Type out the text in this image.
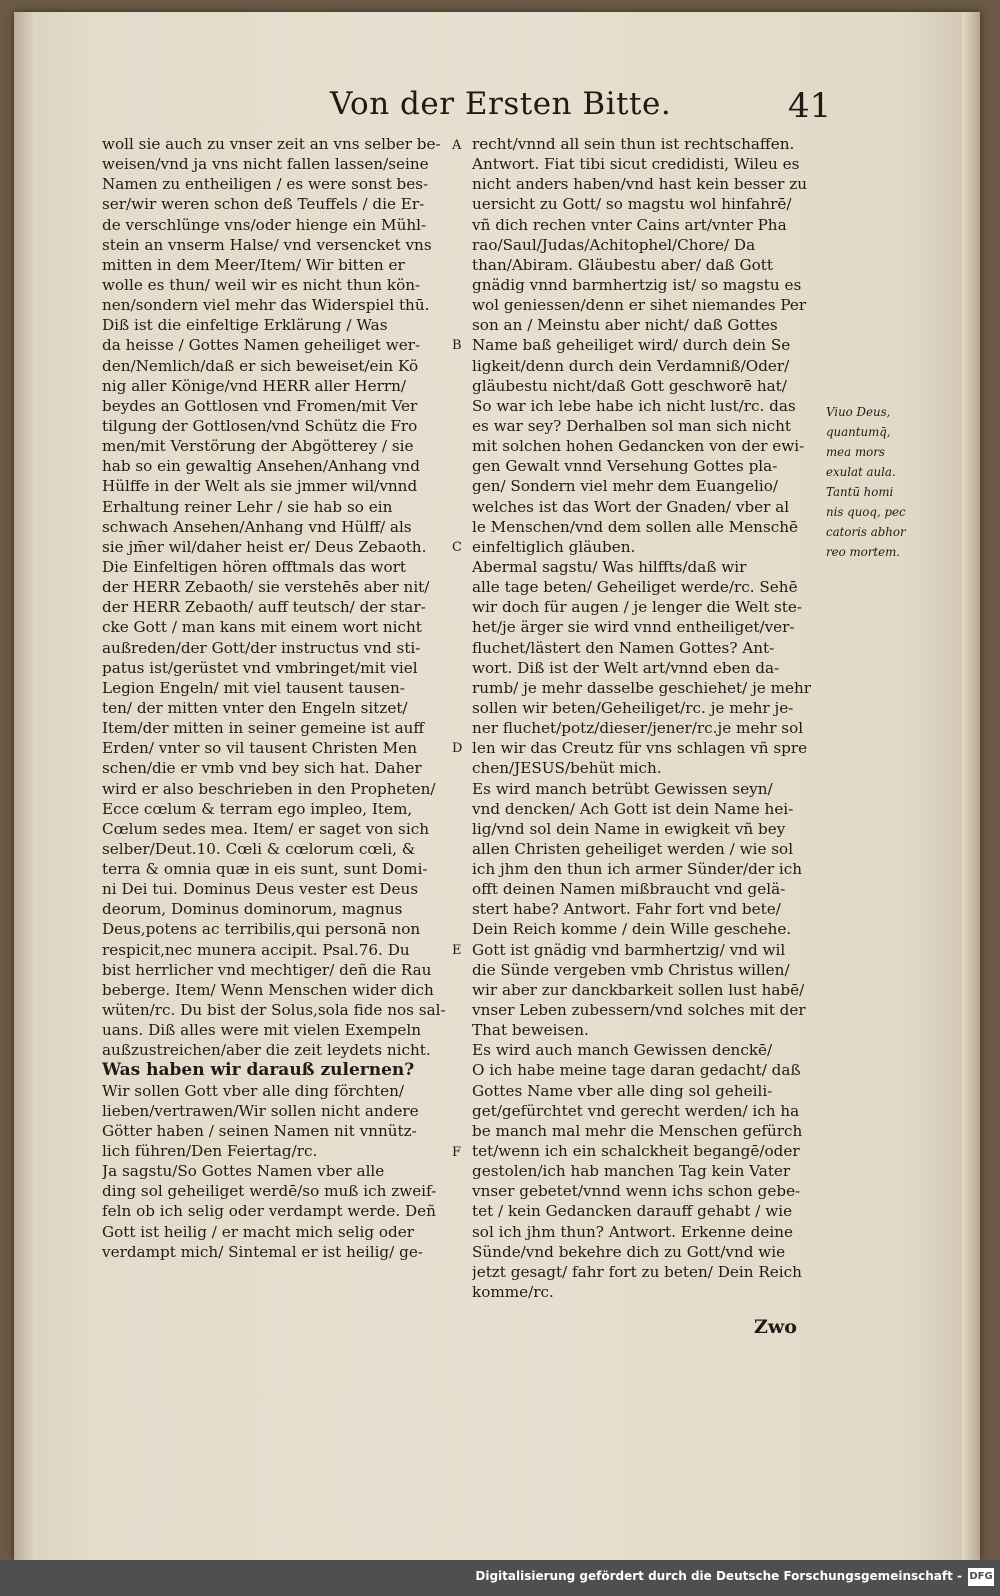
Von der Ersten Bitte.	41
woll sie auch zu vnser zeit an vns selber be-
weisen/vnd ja vns nicht fallen lassen/seine
Namen zu entheiligen / es were sonst bes-
ser/wir weren schon deß Teuffels / die Er-
de verschlünge vns/oder hienge ein Mühl-
stein an vnserm Halse/ vnd versencket vns
mitten in dem Meer/Item/ Wir bitten er
wolle es thun/ weil wir es nicht thun kön-
nen/sondern viel mehr das Widerspiel thū.
Diß ist die einfeltige Erklärung / Was
da heisse / Gottes Namen geheiliget wer-
den/Nemlich/daß er sich beweiset/ein Kö
nig aller Könige/vnd HERR aller Herrn/
beydes an Gottlosen vnd Fromen/mit Ver
tilgung der Gottlosen/vnd Schütz die Fro
men/mit Verstörung der Abgötterey / sie
hab so ein gewaltig Ansehen/Anhang vnd
Hülffe in der Welt als sie jmmer wil/vnnd
Erhaltung reiner Lehr / sie hab so ein
schwach Ansehen/Anhang vnd Hülff/ als
sie jm̄er wil/daher heist er/ Deus Zebaoth.
Die Einfeltigen hören offtmals das wort
der HERR Zebaoth/ sie verstehēs aber nit/
der HERR Zebaoth/ auff teutsch/ der star-
cke Gott / man kans mit einem wort nicht
außreden/der Gott/der instructus vnd sti-
patus ist/gerüstet vnd vmbringet/mit viel
Legion Engeln/ mit viel tausent tausen-
ten/ der mitten vnter den Engeln sitzet/
Item/der mitten in seiner gemeine ist auff
Erden/ vnter so vil tausent Christen Men
schen/die er vmb vnd bey sich hat. Daher
wird er also beschrieben in den Propheten/
Ecce cœlum & terram ego impleo, Item,
Cœlum sedes mea. Item/ er saget von sich
selber/Deut.10. Cœli & cœlorum cœli, &
terra & omnia quæ in eis sunt, sunt Domi-
ni Dei tui. Dominus Deus vester est Deus
deorum, Dominus dominorum, magnus
Deus,potens ac terribilis,qui personā non
respicit,nec munera accipit. Psal.76. Du
bist herrlicher vnd mechtiger/ deñ die Rau
beberge. Item/ Wenn Menschen wider dich
wüten/rc. Du bist der Solus,sola fide nos sal-
uans. Diß alles were mit vielen Exempeln
außzustreichen/aber die zeit leydets nicht.
Was haben wir darauß zulernen?
Wir sollen Gott vber alle ding förchten/
lieben/vertrawen/Wir sollen nicht andere
Götter haben / seinen Namen nit vnnütz-
lich führen/Den Feiertag/rc.
Ja sagstu/So Gottes Namen vber alle
ding sol geheiliget werdē/so muß ich zweif-
feln ob ich selig oder verdampt werde. Deñ
Gott ist heilig / er macht mich selig oder
verdampt mich/ Sintemal er ist heilig/ ge-
recht/vnnd all sein thun ist rechtschaffen.
Antwort. Fiat tibi sicut credidisti, Wileu es
nicht anders haben/vnd hast kein besser zu
uersicht zu Gott/ so magstu wol hinfahrē/
vñ dich rechen vnter Cains art/vnter Pha
rao/Saul/Judas/Achitophel/Chore/ Da
than/Abiram. Gläubestu aber/ daß Gott
gnädig vnnd barmhertzig ist/ so magstu es
wol geniessen/denn er sihet niemandes Per
son an / Meinstu aber nicht/ daß Gottes
Name baß geheiliget wird/ durch dein Se
ligkeit/denn durch dein Verdamniß/Oder/
gläubestu nicht/daß Gott geschworē hat/
So war ich lebe habe ich nicht lust/rc. das
es war sey? Derhalben sol man sich nicht
mit solchen hohen Gedancken von der ewi-
gen Gewalt vnnd Versehung Gottes pla-
gen/ Sondern viel mehr dem Euangelio/
welches ist das Wort der Gnaden/ vber al
le Menschen/vnd dem sollen alle Menschē
einfeltiglich gläuben.
Abermal sagstu/ Was hilffts/daß wir
alle tage beten/ Geheiliget werde/rc. Sehē
wir doch für augen / je lenger die Welt ste-
het/je ärger sie wird vnnd entheiliget/ver-
fluchet/lästert den Namen Gottes? Ant-
wort. Diß ist der Welt art/vnnd eben da-
rumb/ je mehr dasselbe geschiehet/ je mehr
sollen wir beten/Geheiliget/rc. je mehr je-
ner fluchet/potz/dieser/jener/rc.je mehr sol
len wir das Creutz für vns schlagen vñ spre
chen/JESUS/behüt mich.
Es wird manch betrübt Gewissen seyn/
vnd dencken/ Ach Gott ist dein Name hei-
lig/vnd sol dein Name in ewigkeit vñ bey
allen Christen geheiliget werden / wie sol
ich jhm den thun ich armer Sünder/der ich
offt deinen Namen mißbraucht vnd gelä-
stert habe? Antwort. Fahr fort vnd bete/
Dein Reich komme / dein Wille geschehe.
Gott ist gnädig vnd barmhertzig/ vnd wil
die Sünde vergeben vmb Christus willen/
wir aber zur danckbarkeit sollen lust habē/
vnser Leben zubessern/vnd solches mit der
That beweisen.
Es wird auch manch Gewissen denckē/
O ich habe meine tage daran gedacht/ daß
Gottes Name vber alle ding sol geheili-
get/gefürchtet vnd gerecht werden/ ich ha
be manch mal mehr die Menschen gefürch
tet/wenn ich ein schalckheit begangē/oder
gestolen/ich hab manchen Tag kein Vater
vnser gebetet/vnnd wenn ichs schon gebe-
tet / kein Gedancken darauff gehabt / wie
sol ich jhm thun? Antwort. Erkenne deine
Sünde/vnd bekehre dich zu Gott/vnd wie
jetzt gesagt/ fahr fort zu beten/ Dein Reich
komme/rc.
Viuo Deus,
quantumq̄,
mea mors
exulat aula.
Tantū homi
nis quoq, pec
catoris abhor
reo mortem.
A
B
C
D
E
F
Zwo
Digitalisierung gefördert durch die Deutsche Forschungsgemeinschaft - DFG
